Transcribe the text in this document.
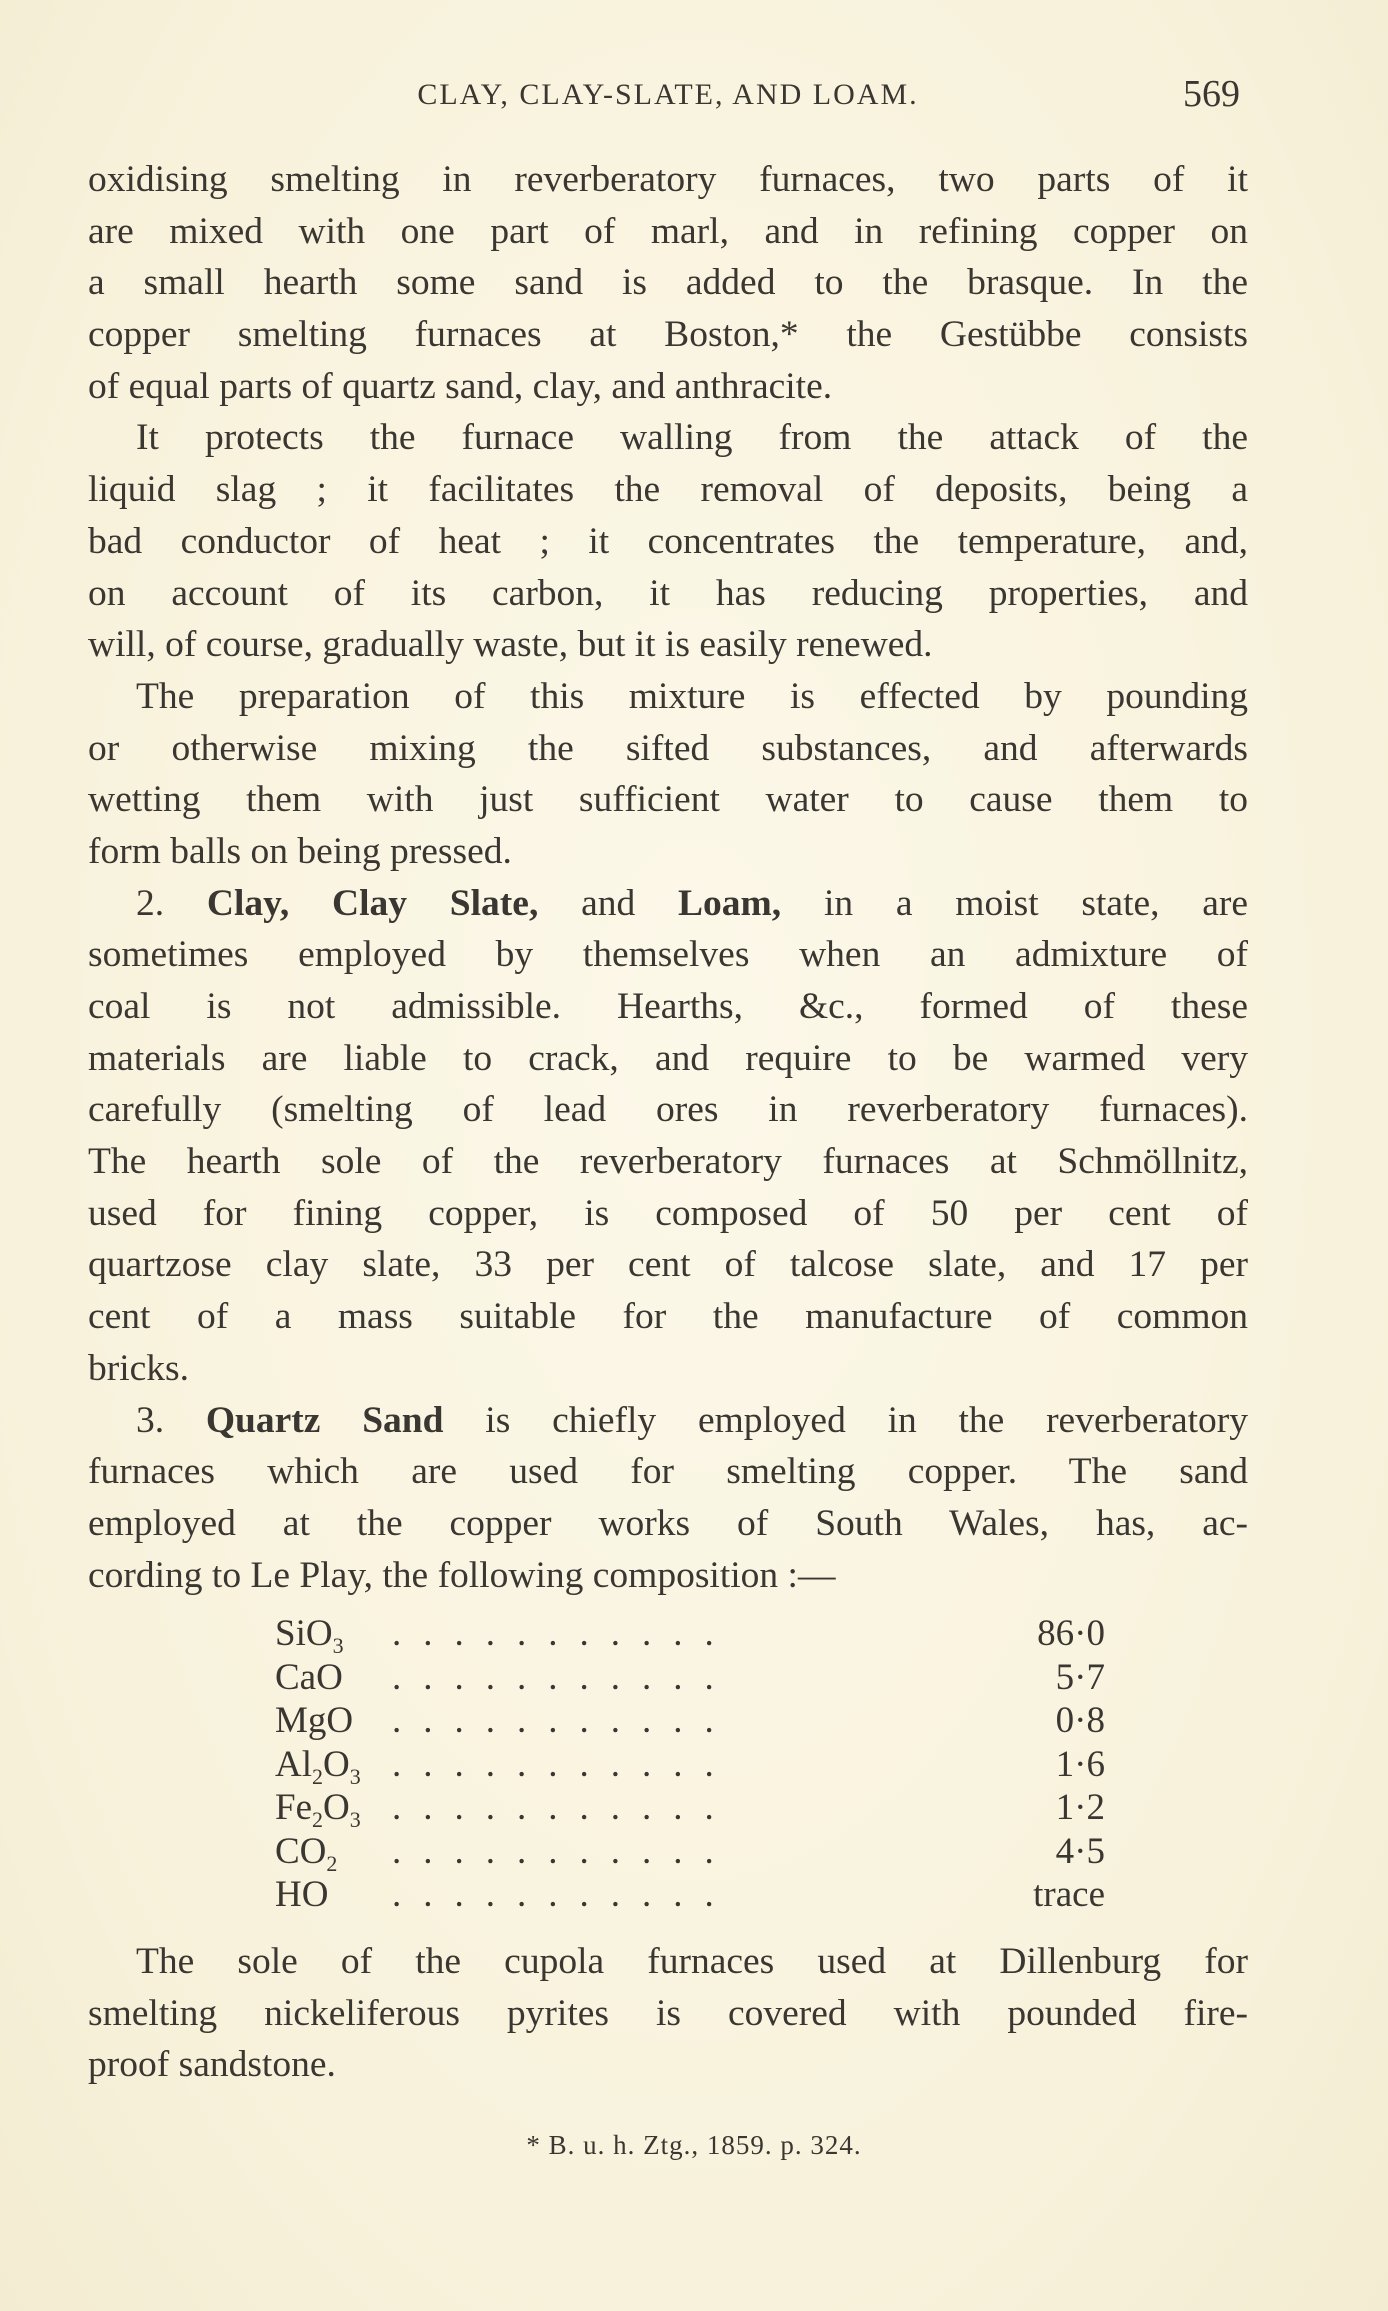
CLAY, CLAY-SLATE, AND LOAM.	569
oxidising smelting in reverberatory furnaces, two parts of it
are mixed with one part of marl, and in refining copper on
a small hearth some sand is added to the brasque. In the
copper smelting furnaces at Boston,* the Gestübbe consists
of equal parts of quartz sand, clay, and anthracite.
It protects the furnace walling from the attack of the
liquid slag ; it facilitates the removal of deposits, being a
bad conductor of heat ; it concentrates the temperature, and,
on account of its carbon, it has reducing properties, and
will, of course, gradually waste, but it is easily renewed.
The preparation of this mixture is effected by pounding
or otherwise mixing the sifted substances, and afterwards
wetting them with just sufficient water to cause them to
form balls on being pressed.
2. Clay, Clay Slate, and Loam, in a moist state, are
sometimes employed by themselves when an admixture of
coal is not admissible. Hearths, &c., formed of these
materials are liable to crack, and require to be warmed very
carefully (smelting of lead ores in reverberatory furnaces).
The hearth sole of the reverberatory furnaces at Schmöllnitz,
used for fining copper, is composed of 50 per cent of
quartzose clay slate, 33 per cent of talcose slate, and 17 per
cent of a mass suitable for the manufacture of common
bricks.
3. Quartz Sand is chiefly employed in the reverberatory
furnaces which are used for smelting copper. The sand
employed at the copper works of South Wales, has, ac-
cording to Le Play, the following composition :—
SiO$_3$	...........	86·0
CaO	...........	5·7
MgO	...........	0·8
$Al_2O_3$ ...........	1·6
$Fe_2O_3$ ...........	1·2
$CO_2$	...........	4·5
HO	...........	trace
The sole of the cupola furnaces used at Dillenburg for
smelting nickeliferous pyrites is covered with pounded fire-
proof sandstone.
* B. u. h. Ztg., 1859. p. 324.
